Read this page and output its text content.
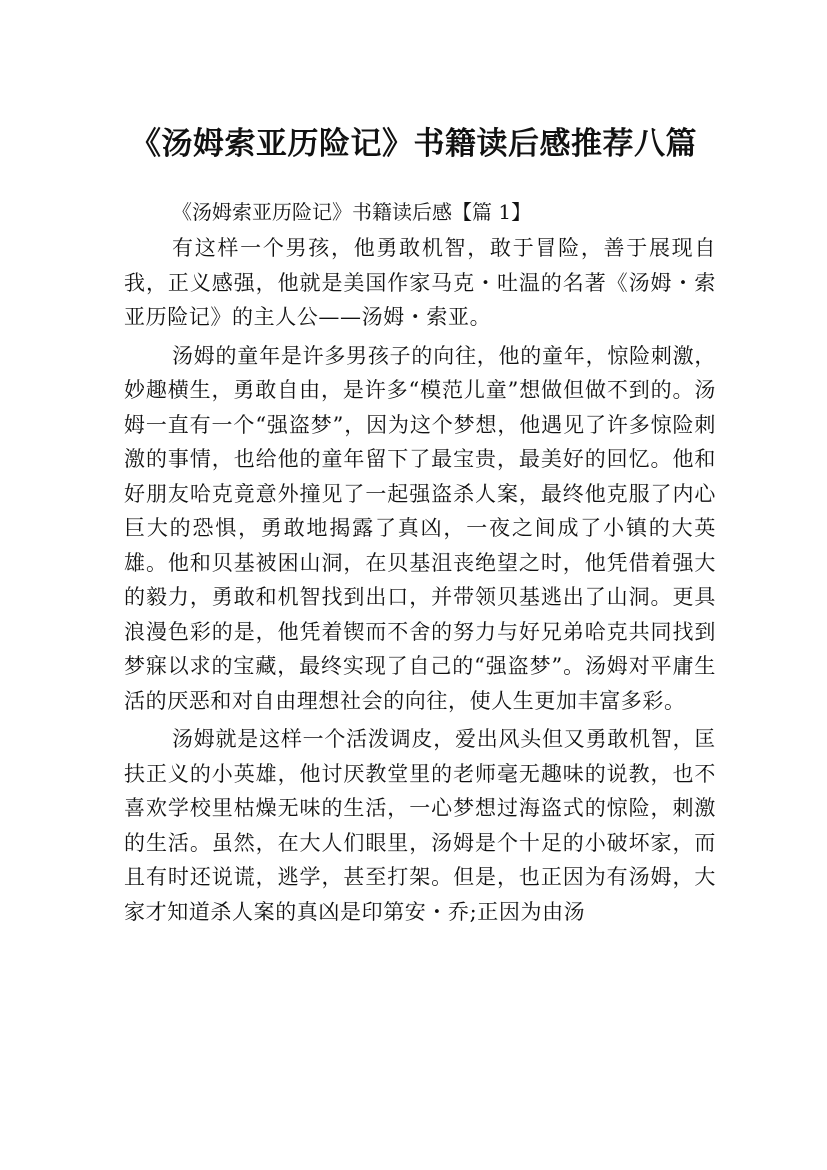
《汤姆索亚历险记》书籍读后感推荐八篇
《汤姆索亚历险记》书籍读后感【篇 1】

有这样一个男孩，他勇敢机智，敢于冒险，善于展现自我，正义感强，他就是美国作家马克・吐温的名著《汤姆・索亚历险记》的主人公——汤姆・索亚。

汤姆的童年是许多男孩子的向往，他的童年，惊险刺激，妙趣横生，勇敢自由，是许多“模范儿童”想做但做不到的。汤姆一直有一个“强盗梦”，因为这个梦想，他遇见了许多惊险刺激的事情，也给他的童年留下了最宝贵，最美好的回忆。他和好朋友哈克竟意外撞见了一起强盗杀人案，最终他克服了内心巨大的恐惧，勇敢地揭露了真凶，一夜之间成了小镇的大英雄。他和贝基被困山洞，在贝基沮丧绝望之时，他凭借着强大的毅力，勇敢和机智找到出口，并带领贝基逃出了山洞。更具浪漫色彩的是，他凭着锲而不舍的努力与好兄弟哈克共同找到梦寐以求的宝藏，最终实现了自己的“强盗梦”。汤姆对平庸生活的厌恶和对自由理想社会的向往，使人生更加丰富多彩。

汤姆就是这样一个活泼调皮，爱出风头但又勇敢机智，匡扶正义的小英雄，他讨厌教堂里的老师毫无趣味的说教，也不喜欢学校里枯燥无味的生活，一心梦想过海盗式的惊险，刺激的生活。虽然，在大人们眼里，汤姆是个十足的小破坏家，而且有时还说谎，逃学，甚至打架。但是，也正因为有汤姆，大家才知道杀人案的真凶是印第安・乔;正因为由汤
